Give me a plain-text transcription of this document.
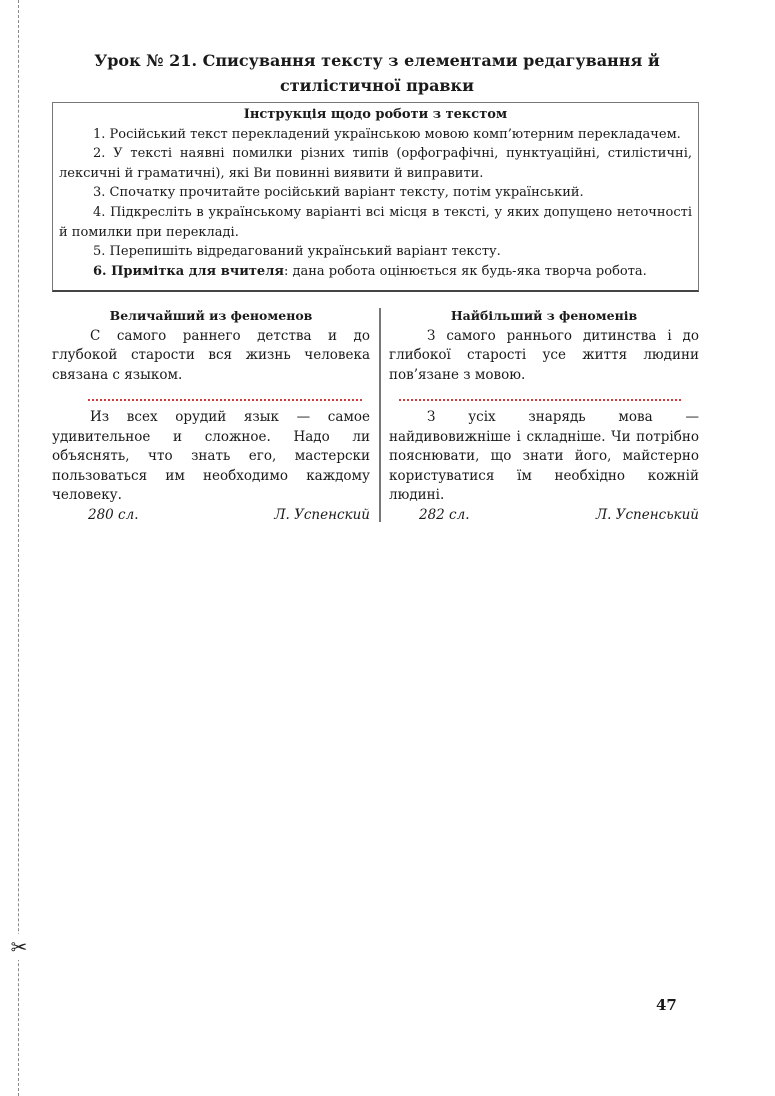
✂
Урок № 21. Списування тексту з елементами редагування й стилістичної правки
Інструкція щодо роботи з текстом

1. Російський текст перекладений українською мовою комп’ютерним перекладачем.

2. У тексті наявні помилки різних типів (орфографічні, пунктуаційні, стилістичні, лексичні й граматичні), які Ви повинні виявити й виправити.

3. Спочатку прочитайте російський варіант тексту, потім український.

4. Підкресліть в українському варіанті всі місця в тексті, у яких допущено неточності й помилки при перекладі.

5. Перепишіть відредагований український варіант тексту.

6. Примітка для вчителя: дана робота оцінюється як будь-яка творча робота.

Величайший из феноменов

С самого раннего детства и до глубокой старости вся жизнь человека связана с языком.

Из всех орудий язык — самое удивительное и сложное. Надо ли объяснять, что знать его, мастерски пользоваться им необходимо каждому человеку.

280 сл.	Л. Успенский
Найбільший з феноменів

З самого раннього дитинства і до глибокої старості усе життя людини пов’язане з мовою.

З усіх знарядь мова — найдивовижніше і складніше. Чи потрібно пояснювати, що знати його, майстерно користуватися їм необхідно кожній людині.

282 сл.	Л. Успенський
47
